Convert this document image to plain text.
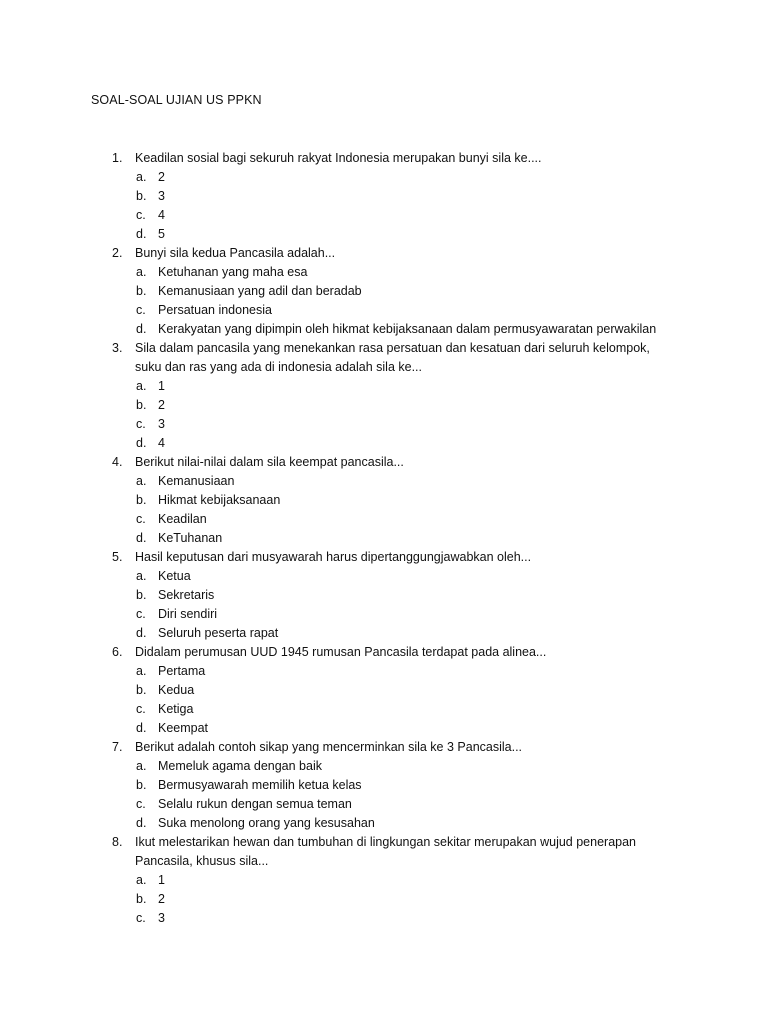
SOAL-SOAL UJIAN US PPKN
1. Keadilan sosial bagi sekuruh rakyat Indonesia merupakan bunyi sila ke....
a. 2
b. 3
c. 4
d. 5
2. Bunyi sila kedua Pancasila adalah...
a. Ketuhanan yang maha esa
b. Kemanusiaan yang adil dan beradab
c. Persatuan indonesia
d. Kerakyatan yang dipimpin oleh hikmat kebijaksanaan dalam permusyawaratan perwakilan
3. Sila dalam pancasila yang menekankan rasa persatuan dan kesatuan dari seluruh kelompok, suku dan ras yang ada di indonesia adalah sila ke...
a. 1
b. 2
c. 3
d. 4
4. Berikut nilai-nilai dalam sila keempat pancasila...
a. Kemanusiaan
b. Hikmat kebijaksanaan
c. Keadilan
d. KeTuhanan
5. Hasil keputusan dari musyawarah harus dipertanggungjawabkan oleh...
a. Ketua
b. Sekretaris
c. Diri sendiri
d. Seluruh peserta rapat
6. Didalam perumusan UUD 1945 rumusan Pancasila terdapat pada alinea...
a. Pertama
b. Kedua
c. Ketiga
d. Keempat
7. Berikut adalah contoh sikap yang mencerminkan sila ke 3 Pancasila...
a. Memeluk agama dengan baik
b. Bermusyawarah memilih ketua kelas
c. Selalu rukun dengan semua teman
d. Suka menolong orang yang kesusahan
8. Ikut melestarikan hewan dan tumbuhan di lingkungan sekitar merupakan wujud penerapan Pancasila, khusus sila...
a. 1
b. 2
c. 3
